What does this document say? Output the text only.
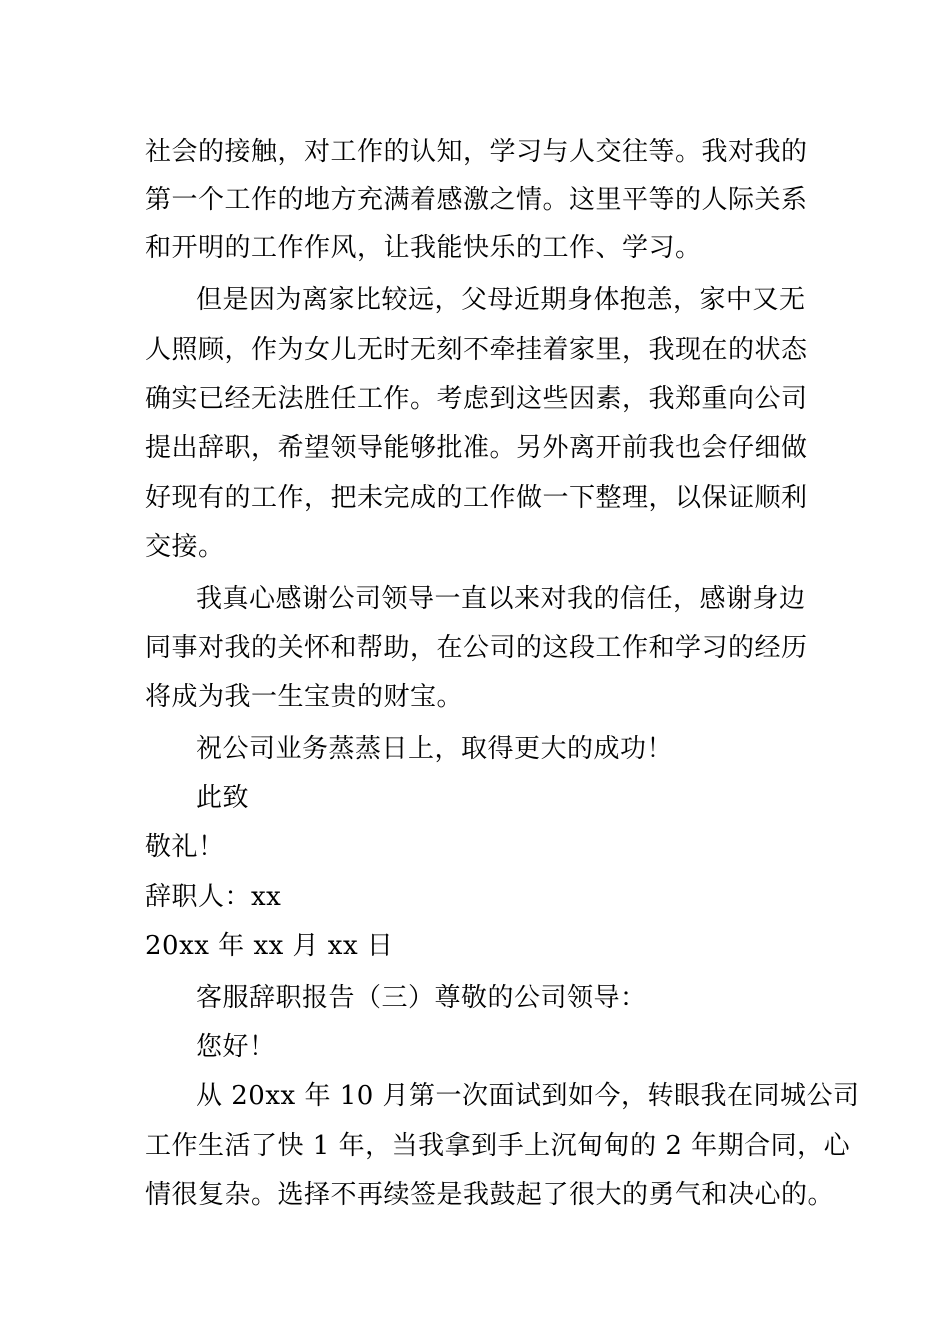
社会的接触，对工作的认知，学习与人交往等。我对我的
第一个工作的地方充满着感激之情。这里平等的人际关系
和开明的工作作风，让我能快乐的工作、学习。
但是因为离家比较远，父母近期身体抱恙，家中又无
人照顾，作为女儿无时无刻不牵挂着家里，我现在的状态
确实已经无法胜任工作。考虑到这些因素，我郑重向公司
提出辞职，希望领导能够批准。另外离开前我也会仔细做
好现有的工作，把未完成的工作做一下整理，以保证顺利
交接。
我真心感谢公司领导一直以来对我的信任，感谢身边
同事对我的关怀和帮助，在公司的这段工作和学习的经历
将成为我一生宝贵的财宝。
祝公司业务蒸蒸日上，取得更大的成功！
此致
敬礼！
辞职人：xx
20xx 年 xx 月 xx 日
客服辞职报告（三）尊敬的公司领导：
您好！
从 20xx 年 10 月第一次面试到如今，转眼我在同城公司
工作生活了快 1 年，当我拿到手上沉甸甸的 2 年期合同，心
情很复杂。选择不再续签是我鼓起了很大的勇气和决心的。
